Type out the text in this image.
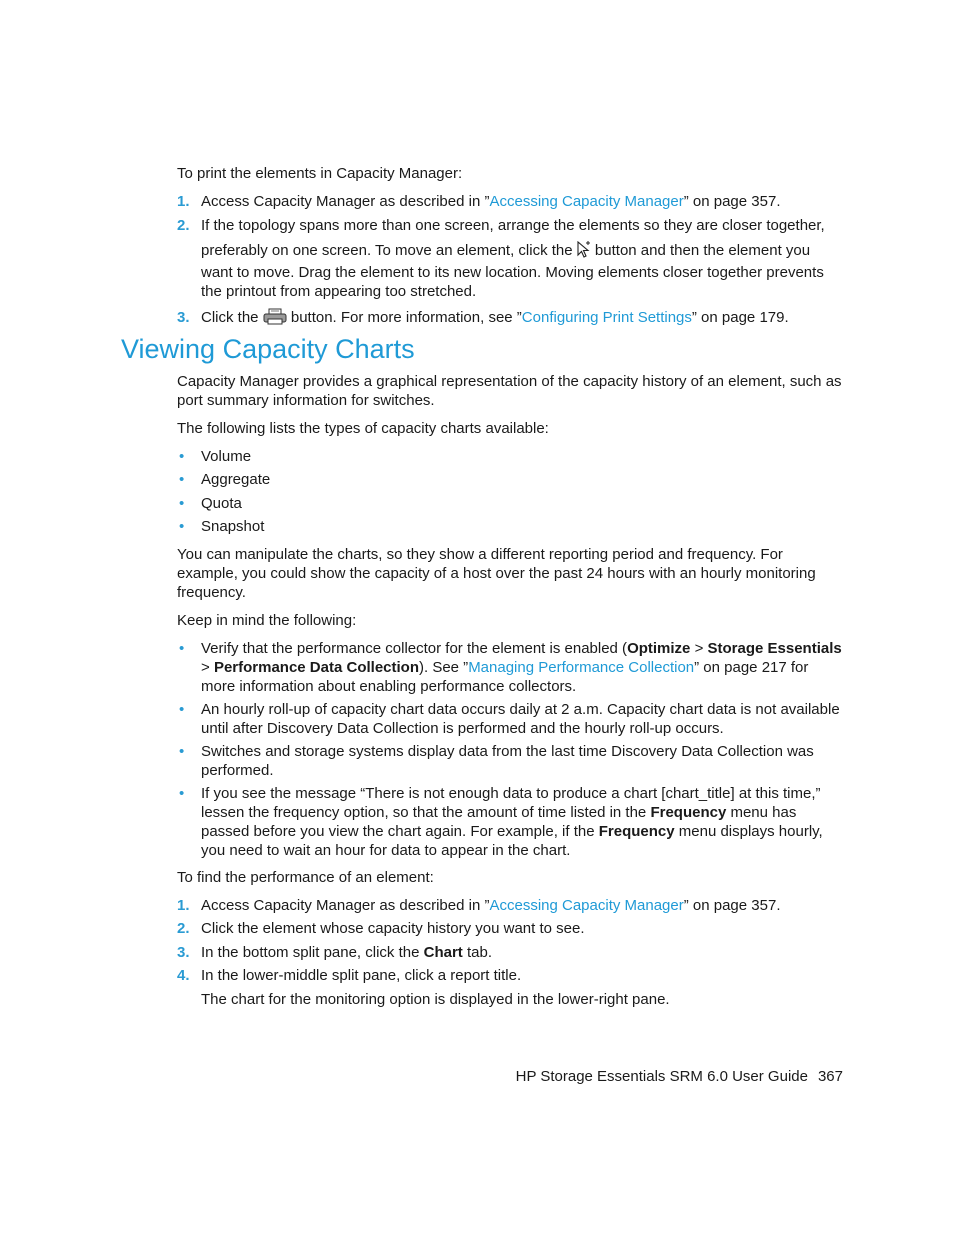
To print the elements in Capacity Manager:

1. Access Capacity Manager as described in ”Accessing Capacity Manager” on page 357.
2. If the topology spans more than one screen, arrange the elements so they are closer together,
preferably on one screen. To move an element, click the  button and then the element you want to move. Drag the element to its new location. Moving elements closer together prevents the printout from appearing too stretched.
3. Click the  button. For more information, see ”Configuring Print Settings” on page 179.
Viewing Capacity Charts

Capacity Manager provides a graphical representation of the capacity history of an element, such as port summary information for switches.

The following lists the types of capacity charts available:

• Volume
• Aggregate
• Quota
• Snapshot

You can manipulate the charts, so they show a different reporting period and frequency. For example, you could show the capacity of a host over the past 24 hours with an hourly monitoring frequency.

Keep in mind the following:

• Verify that the performance collector for the element is enabled (Optimize > Storage Essentials > Performance Data Collection). See ”Managing Performance Collection” on page 217 for more information about enabling performance collectors.
• An hourly roll-up of capacity chart data occurs daily at 2 a.m. Capacity chart data is not available until after Discovery Data Collection is performed and the hourly roll-up occurs.
• Switches and storage systems display data from the last time Discovery Data Collection was performed.
• If you see the message “There is not enough data to produce a chart [chart_title] at this time,” lessen the frequency option, so that the amount of time listed in the Frequency menu has passed before you view the chart again. For example, if the Frequency menu displays hourly, you need to wait an hour for data to appear in the chart.

To find the performance of an element:

1. Access Capacity Manager as described in ”Accessing Capacity Manager” on page 357.
2. Click the element whose capacity history you want to see.
3. In the bottom split pane, click the Chart tab.
4. In the lower-middle split pane, click a report title.
The chart for the monitoring option is displayed in the lower-right pane.
HP Storage Essentials SRM 6.0 User Guide 367
